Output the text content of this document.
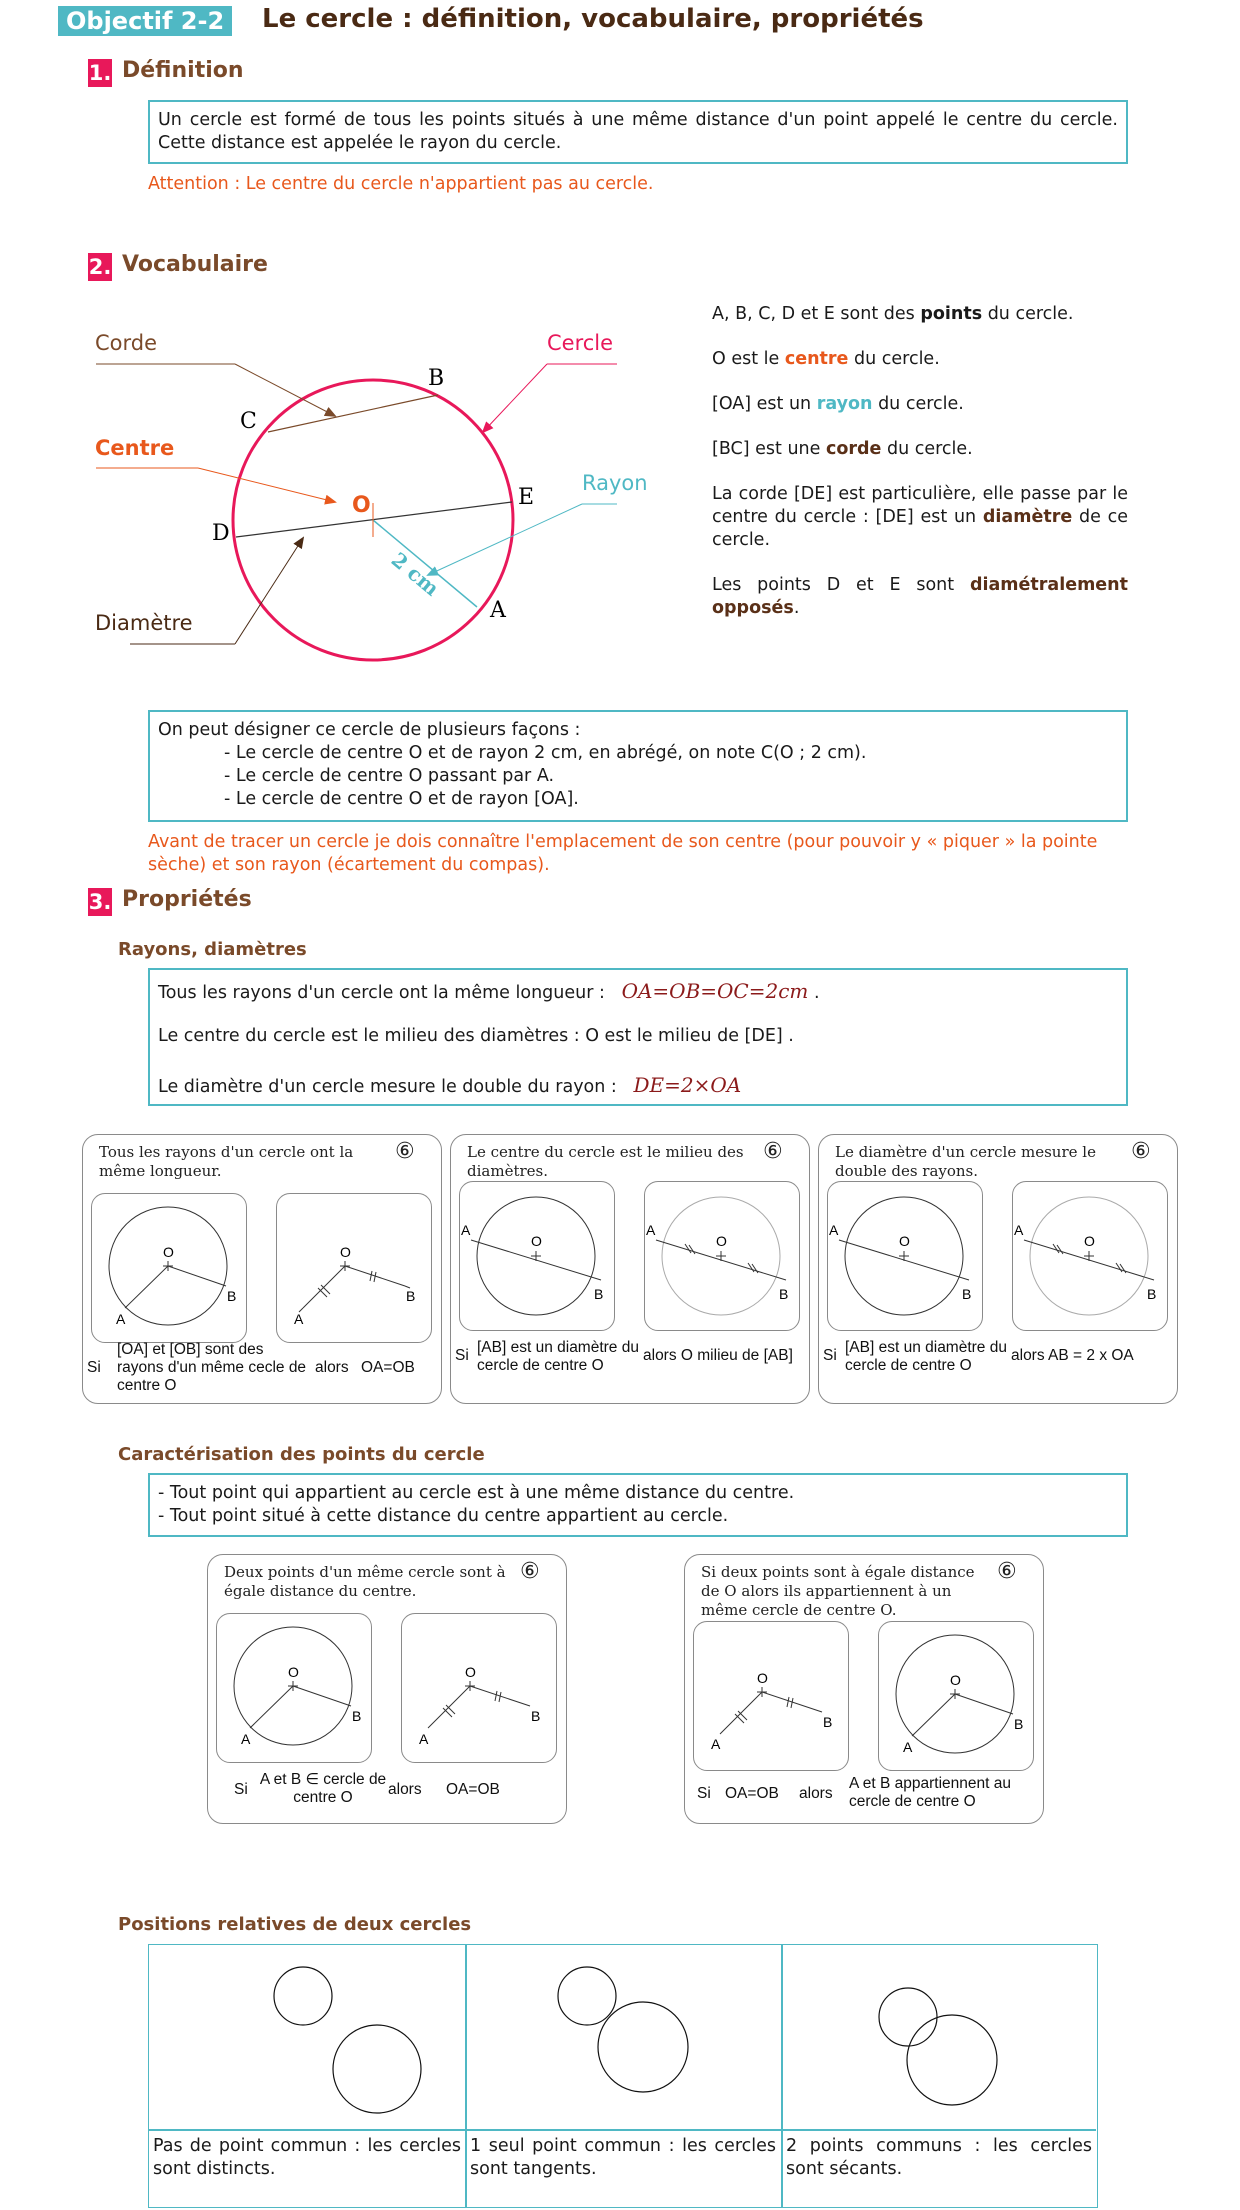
Objectif 2-2	Le cercle : définition, vocabulaire, propriétés
1. Définition
Un cercle est formé de tous les points situés à une même distance d'un point appelé le centre du cercle. Cette distance est appelée le rayon du cercle.
Attention : Le centre du cercle n'appartient pas au cercle.
2. Vocabulaire
Corde	Cercle
Centre
Rayon
Diamètre
O
2 cm
A
B
C
D
E

A, B, C, D et E sont des points du cercle.

O est le centre du cercle.

[OA] est un rayon du cercle.

[BC] est une corde du cercle.

La corde [DE] est particulière, elle passe par le centre du cercle : [DE] est un diamètre de ce cercle.

Les points D et E sont diamétralement opposés.

On peut désigner ce cercle de plusieurs façons :
- Le cercle de centre O et de rayon 2 cm, en abrégé, on note C(O ; 2 cm).
- Le cercle de centre O passant par A.
- Le cercle de centre O et de rayon [OA].
Avant de tracer un cercle je dois connaître l'emplacement de son centre (pour pouvoir y « piquer » la pointe sèche) et son rayon (écartement du compas).
3. Propriétés
Rayons, diamètres
Tous les rayons d'un cercle ont la même longueur : OA=OB=OC=2cm .
Le centre du cercle est le milieu des diamètres : O est le milieu de [DE] .
Le diamètre d'un cercle mesure le double du rayon : DE=2×OA
Tous les rayons d'un cercle ont la même longueur.
⑥
O
A
B
O
A
B
Si
[OA] et [OB] sont des rayons d'un même cecle de centre O
alors OA=OB
Le centre du cercle est le milieu des diamètres.
⑥
O
A
B
O
A
B
Si [AB] est un diamètre du cercle de centre O
alors O milieu de [AB]
Le diamètre d'un cercle mesure le double des rayons.
⑥
O
A
B
O
A
B
Si [AB] est un diamètre du cercle de centre O
alors AB = 2 x OA
Caractérisation des points du cercle
- Tout point qui appartient au cercle est à une même distance du centre.
- Tout point situé à cette distance du centre appartient au cercle.
Deux points d'un même cercle sont à égale distance du centre.
⑥
O
A
B
O
A
B
Si
A et B ∈ cercle de centre O	alors OA=OB
Si deux points sont à égale distance de O alors ils appartiennent à un même cercle de centre O.
⑥
O
A
B
O
A
B
Si OA=OB alors
A et B appartiennent au cercle de centre O
Positions relatives de deux cercles
Pas de point commun : les cercles sont distincts.
1 seul point commun : les cercles sont tangents.
2 points communs : les cercles sont sécants.
